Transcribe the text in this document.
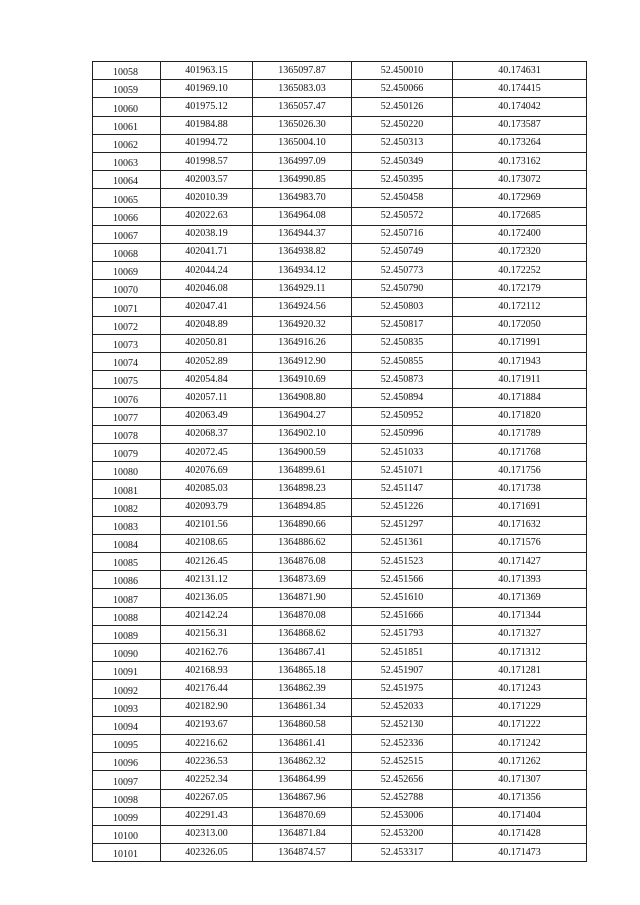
10058	401963.15	1365097.87	52.450010	40.174631
10059	401969.10	1365083.03	52.450066	40.174415
10060	401975.12	1365057.47	52.450126	40.174042
10061	401984.88	1365026.30	52.450220	40.173587
10062	401994.72	1365004.10	52.450313	40.173264
10063	401998.57	1364997.09	52.450349	40.173162
10064	402003.57	1364990.85	52.450395	40.173072
10065	402010.39	1364983.70	52.450458	40.172969
10066	402022.63	1364964.08	52.450572	40.172685
10067	402038.19	1364944.37	52.450716	40.172400
10068	402041.71	1364938.82	52.450749	40.172320
10069	402044.24	1364934.12	52.450773	40.172252
10070	402046.08	1364929.11	52.450790	40.172179
10071	402047.41	1364924.56	52.450803	40.172112
10072	402048.89	1364920.32	52.450817	40.172050
10073	402050.81	1364916.26	52.450835	40.171991
10074	402052.89	1364912.90	52.450855	40.171943
10075	402054.84	1364910.69	52.450873	40.171911
10076	402057.11	1364908.80	52.450894	40.171884
10077	402063.49	1364904.27	52.450952	40.171820
10078	402068.37	1364902.10	52.450996	40.171789
10079	402072.45	1364900.59	52.451033	40.171768
10080	402076.69	1364899.61	52.451071	40.171756
10081	402085.03	1364898.23	52.451147	40.171738
10082	402093.79	1364894.85	52.451226	40.171691
10083	402101.56	1364890.66	52.451297	40.171632
10084	402108.65	1364886.62	52.451361	40.171576
10085	402126.45	1364876.08	52.451523	40.171427
10086	402131.12	1364873.69	52.451566	40.171393
10087	402136.05	1364871.90	52.451610	40.171369
10088	402142.24	1364870.08	52.451666	40.171344
10089	402156.31	1364868.62	52.451793	40.171327
10090	402162.76	1364867.41	52.451851	40.171312
10091	402168.93	1364865.18	52.451907	40.171281
10092	402176.44	1364862.39	52.451975	40.171243
10093	402182.90	1364861.34	52.452033	40.171229
10094	402193.67	1364860.58	52.452130	40.171222
10095	402216.62	1364861.41	52.452336	40.171242
10096	402236.53	1364862.32	52.452515	40.171262
10097	402252.34	1364864.99	52.452656	40.171307
10098	402267.05	1364867.96	52.452788	40.171356
10099	402291.43	1364870.69	52.453006	40.171404
10100	402313.00	1364871.84	52.453200	40.171428
10101	402326.05	1364874.57	52.453317	40.171473
